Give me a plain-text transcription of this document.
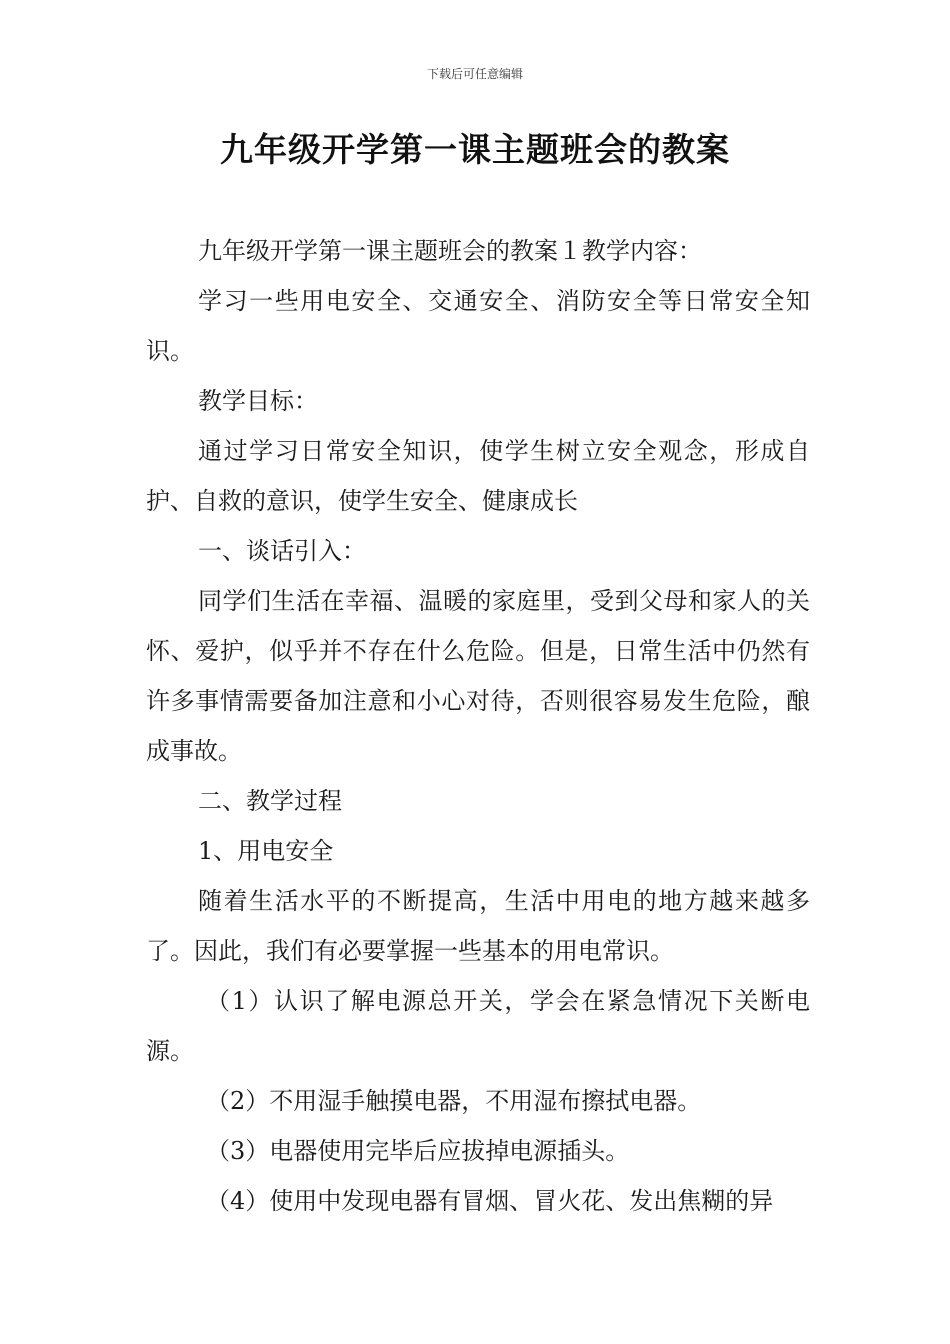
下载后可任意编辑
九年级开学第一课主题班会的教案

九年级开学第一课主题班会的教案１教学内容：

学习一些用电安全、交通安全、消防安全等日常安全知识。

教学目标：

通过学习日常安全知识，使学生树立安全观念，形成自护、自救的意识，使学生安全、健康成长

一、谈话引入：

同学们生活在幸福、温暖的家庭里，受到父母和家人的关怀、爱护，似乎并不存在什么危险。但是，日常生活中仍然有许多事情需要备加注意和小心对待，否则很容易发生危险，酿成事故。

二、教学过程

1、用电安全

随着生活水平的不断提高，生活中用电的地方越来越多了。因此，我们有必要掌握一些基本的用电常识。

（1）认识了解电源总开关，学会在紧急情况下关断电源。

（2）不用湿手触摸电器，不用湿布擦拭电器。

（3）电器使用完毕后应拔掉电源插头。

（4）使用中发现电器有冒烟、冒火花、发出焦糊的异
